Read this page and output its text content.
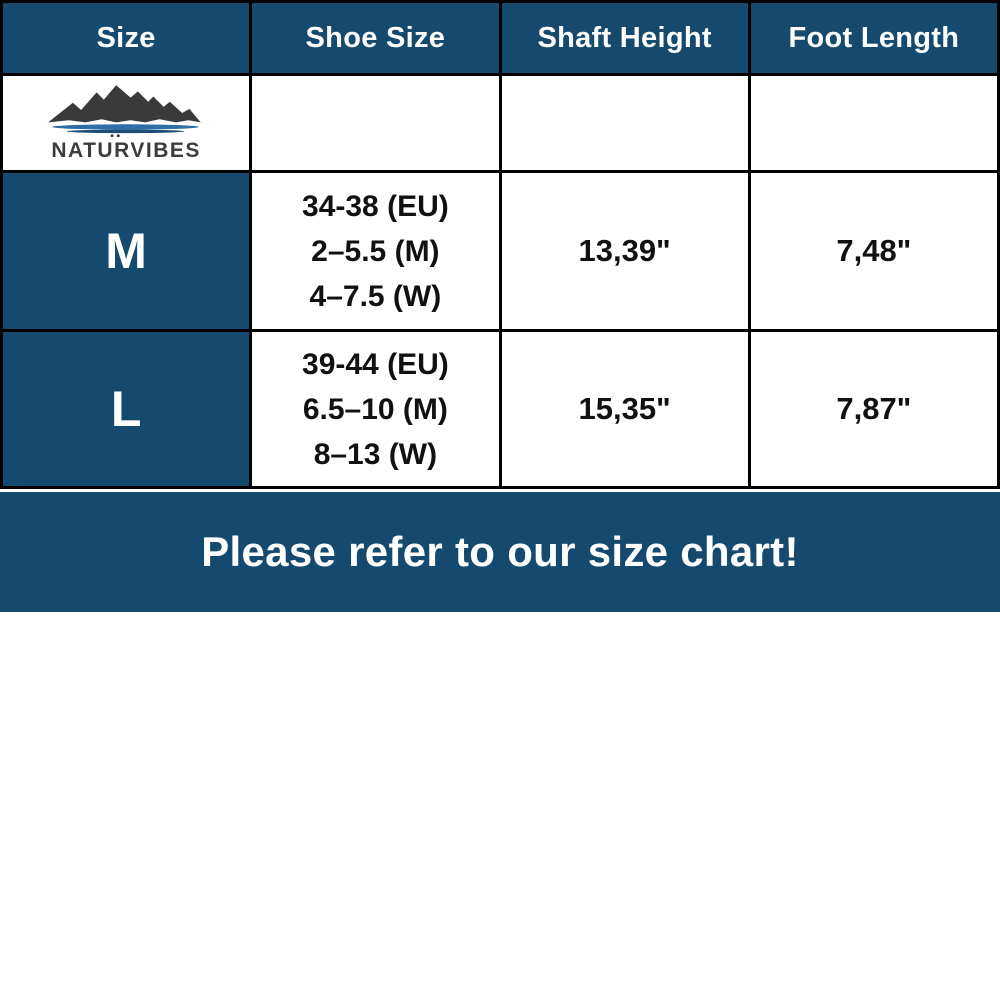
Size	Shoe Size	Shaft Height	Foot Length

NATURVIBES			

M	34-38 (EU)
2–5.5 (M)
4–7.5 (W)	13,39"	7,48"
L	39-44 (EU)
6.5–10 (M)
8–13 (W)	15,35"	7,87"
Please refer to our size chart!
